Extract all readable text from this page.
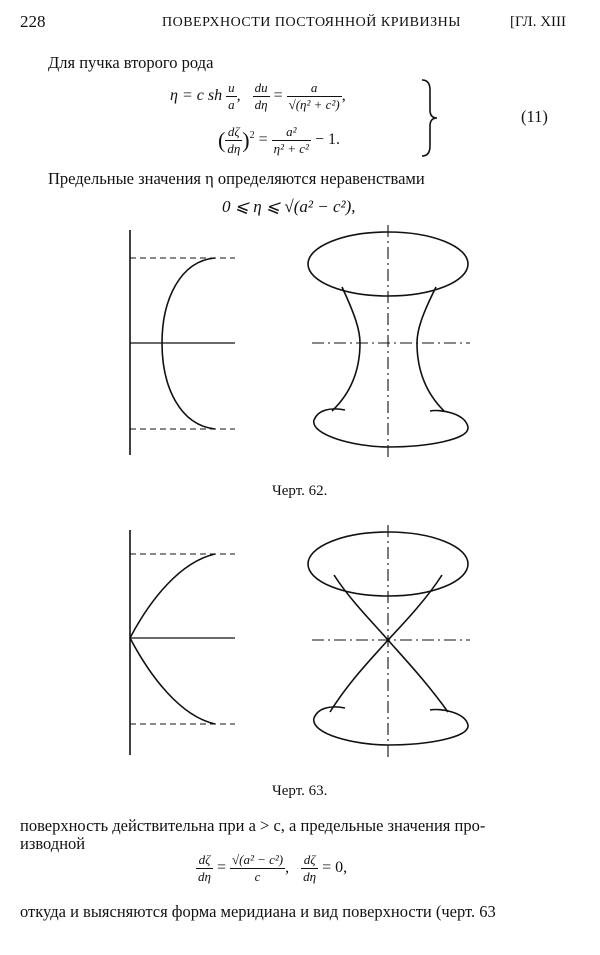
228	ПОВЕРХНОСТИ ПОСТОЯННОЙ КРИВИЗНЫ	[ГЛ. XIII
Для пучка второго рода
η = c sh $\frac{u}{a}$ , $\frac{du}{d\eta} = \frac{a}{\text{√(η² + c²)}}$ ,
( $\frac{d\zeta}{d\eta} )^2 = \frac{\text{a²}}{\text{η² + c²}} - 1$.
(11)
Предельные значения η определяются неравенствами
0 ⩽ η ⩽ √(a² − c²),
Черт. 62.
Черт. 63.
поверхность действительна при a > c, а предельные значения про-
изводной
$\frac{d\zeta}{d\eta} = \frac{\text{√(a² − c²)}}{c}$ , $\frac{d\zeta}{d\eta} = 0$,
откуда и выясняются форма меридиана и вид поверхности (черт. 63
